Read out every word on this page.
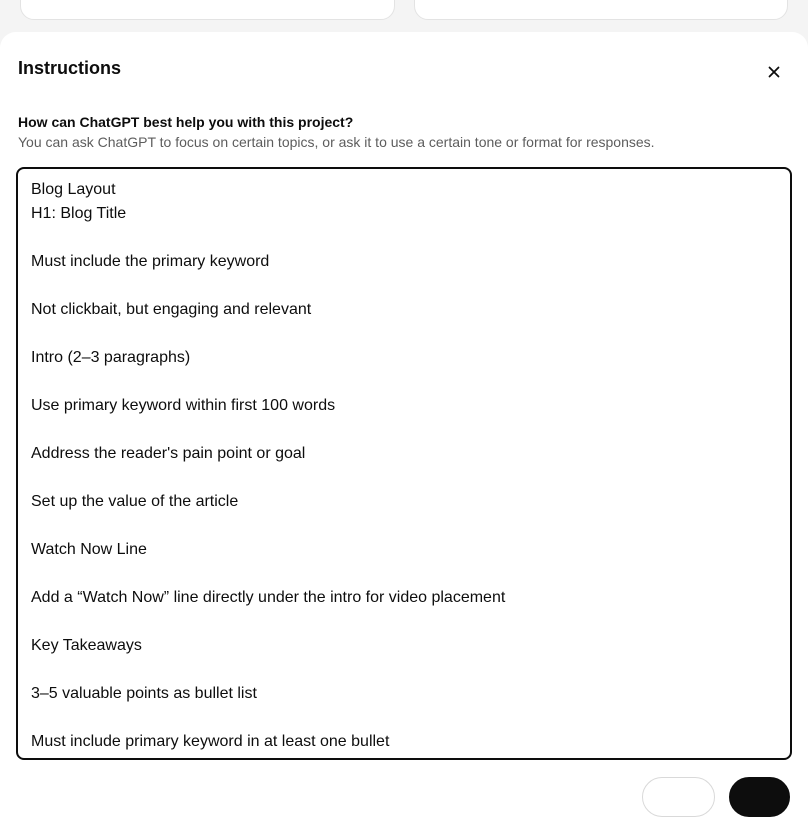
Instructions
How can ChatGPT best help you with this project?
You can ask ChatGPT to focus on certain topics, or ask it to use a certain tone or format for responses.
Blog Layout
H1: Blog Title
Must include the primary keyword
Not clickbait, but engaging and relevant
Intro (2–3 paragraphs)
Use primary keyword within first 100 words
Address the reader's pain point or goal
Set up the value of the article
Watch Now Line
Add a “Watch Now” line directly under the intro for video placement
Key Takeaways
3–5 valuable points as bullet list
Must include primary keyword in at least one bullet
